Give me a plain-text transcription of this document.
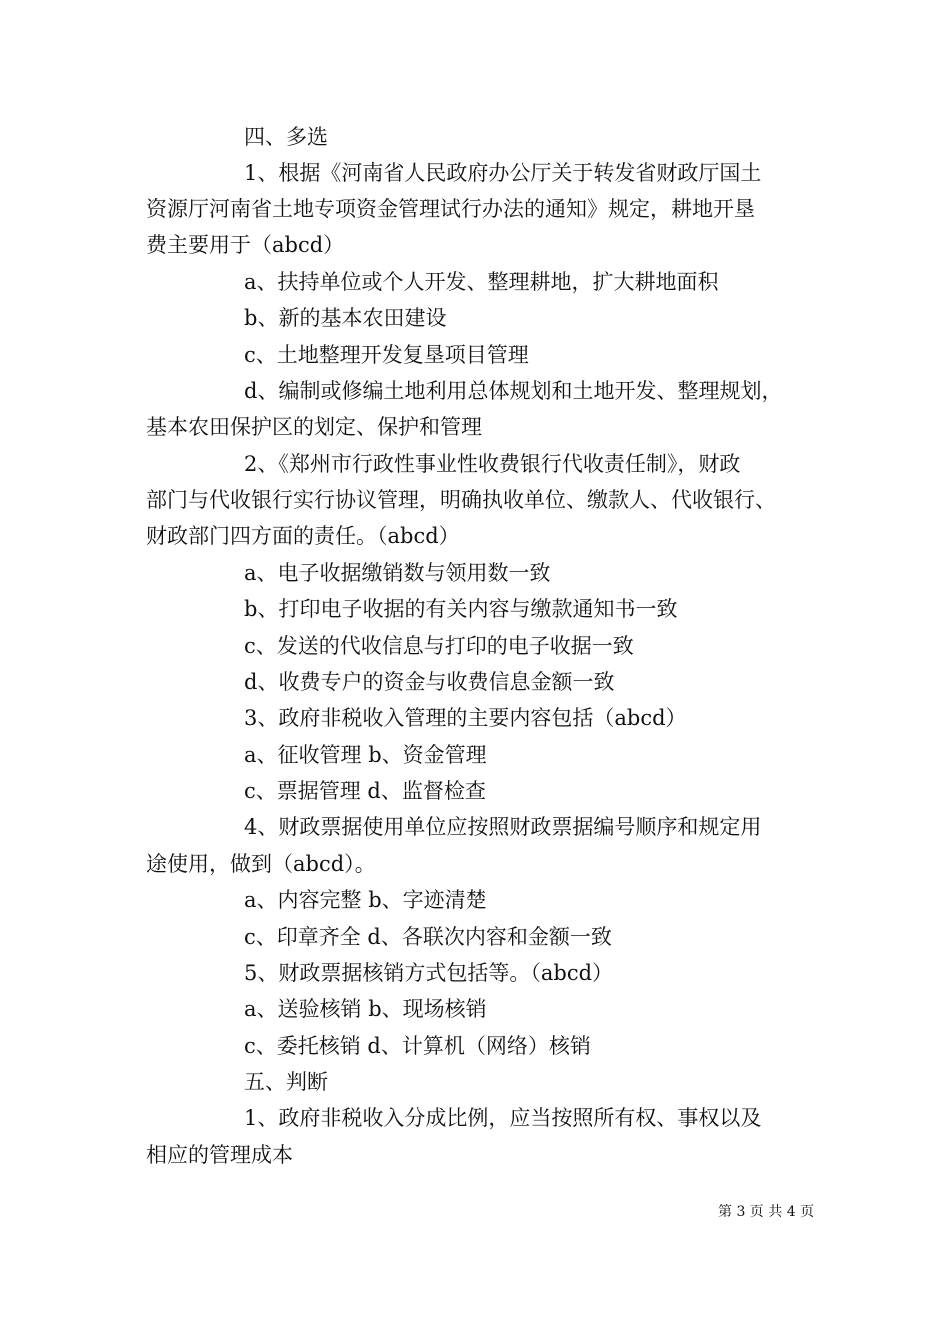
四、多选
1、根据《河南省人民政府办公厅关于转发省财政厅国土
资源厅河南省土地专项资金管理试行办法的通知》规定，耕地开垦
费主要用于（abcd）
a、扶持单位或个人开发、整理耕地，扩大耕地面积
b、新的基本农田建设
c、土地整理开发复垦项目管理
d、编制或修编土地利用总体规划和土地开发、整理规划，
基本农田保护区的划定、保护和管理
2、《郑州市行政性事业性收费银行代收责任制》，财政
部门与代收银行实行协议管理，明确执收单位、缴款人、代收银行、
财政部门四方面的责任。（abcd）
a、电子收据缴销数与领用数一致
b、打印电子收据的有关内容与缴款通知书一致
c、发送的代收信息与打印的电子收据一致
d、收费专户的资金与收费信息金额一致
3、政府非税收入管理的主要内容包括（abcd）
a、征收管理 b、资金管理
c、票据管理 d、监督检查
4、财政票据使用单位应按照财政票据编号顺序和规定用
途使用，做到（abcd）。
a、内容完整 b、字迹清楚
c、印章齐全 d、各联次内容和金额一致
5、财政票据核销方式包括等。（abcd）
a、送验核销 b、现场核销
c、委托核销 d、计算机（网络）核销
五、判断
1、政府非税收入分成比例，应当按照所有权、事权以及
相应的管理成本
第 3 页 共 4 页
